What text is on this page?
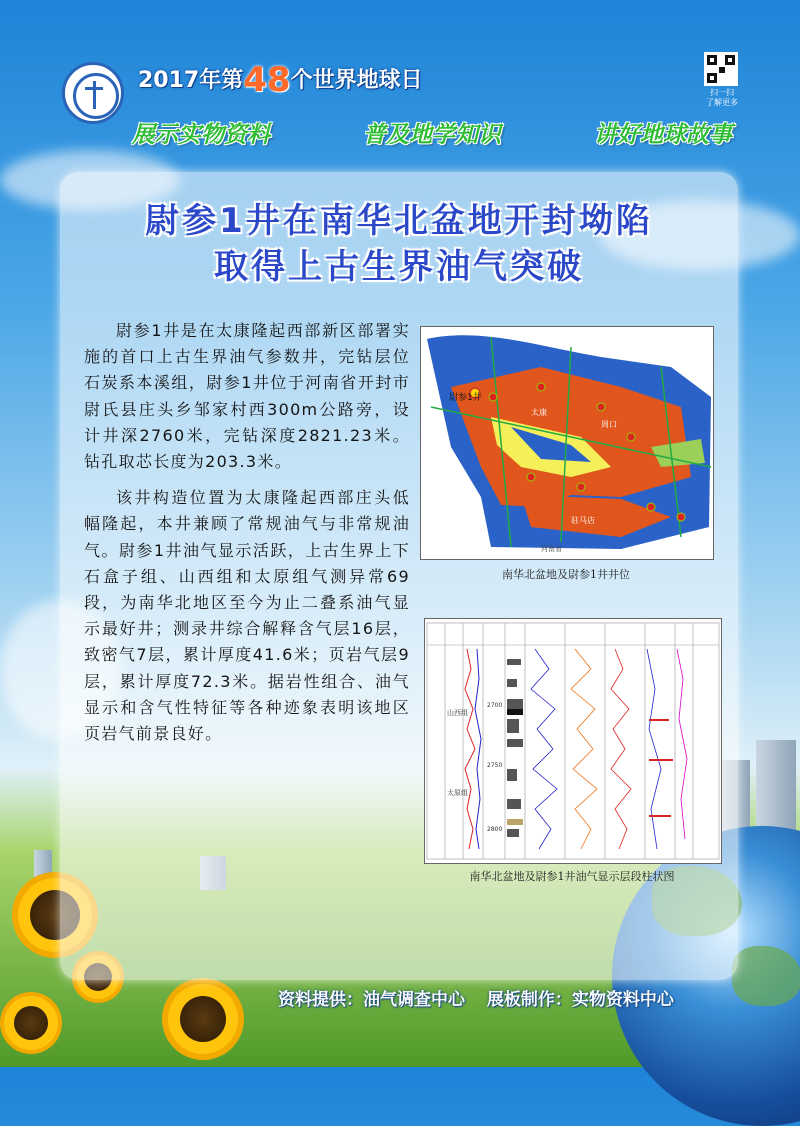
2017年第48个世界地球日	扫一扫
了解更多
展示实物资料	普及地学知识	讲好地球故事
尉参1井在南华北盆地开封坳陷
取得上古生界油气突破

尉参1井是在太康隆起西部新区部署实施的首口上古生界油气参数井，完钻层位石炭系本溪组，尉参1井位于河南省开封市尉氏县庄头乡邹家村西300m公路旁，设计井深2760米，完钻深度2821.23米。钻孔取芯长度为203.3米。

该井构造位置为太康隆起西部庄头低幅隆起，本井兼顾了常规油气与非常规油气。尉参1井油气显示活跃，上古生界上下石盒子组、山西组和太原组气测异常69段，为南华北地区至今为止二叠系油气显示最好井；测录井综合解释含气层16层，致密气7层，累计厚度41.6米；页岩气层9层，累计厚度72.3米。据岩性组合、油气显示和含气性特征等各种迹象表明该地区页岩气前景良好。

尉参1井
太康
周口
驻马店
河南省
南华北盆地及尉参1井井位
2700
2750
2800
山西组
太原组
南华北盆地及尉参1井油气显示层段柱状图
资料提供：油气调查中心 展板制作：实物资料中心
